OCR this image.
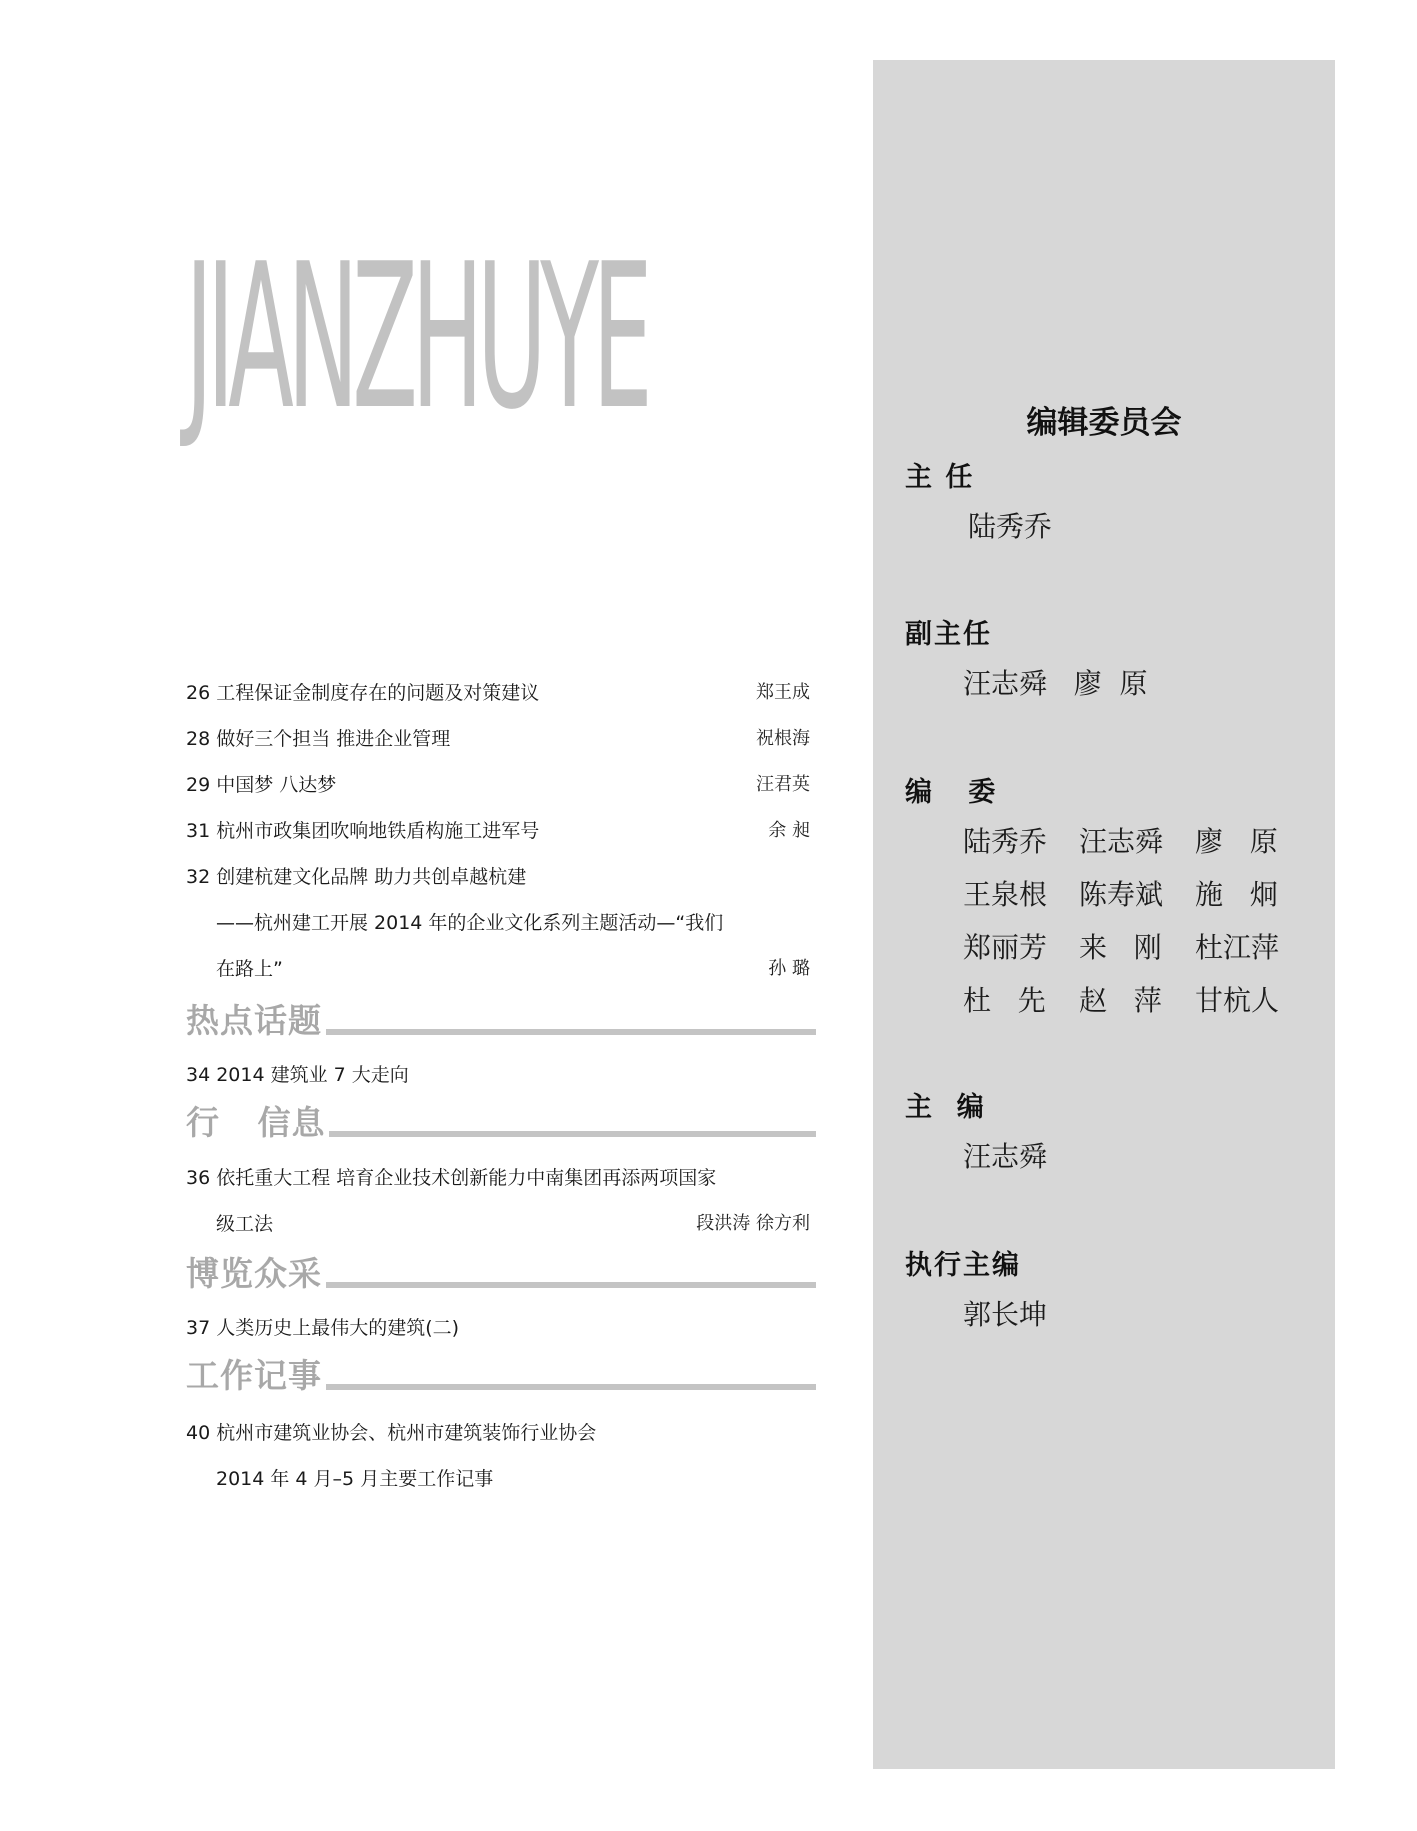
JIANZHUYE
26 工程保证金制度存在的问题及对策建议	郑王成
28 做好三个担当 推进企业管理	祝根海
29 中国梦 八达梦	汪君英
31 杭州市政集团吹响地铁盾构施工进军号	余 昶
32 创建杭建文化品牌 助力共创卓越杭建
——杭州建工开展 2014 年的企业文化系列主题活动—“我们
在路上”	孙 璐
热点话题
34 2014 建筑业 7 大走向
行   信息
36 依托重大工程 培育企业技术创新能力中南集团再添两项国家
级工法	段洪涛 徐方利
博览众采
37 人类历史上最伟大的建筑(二)
工作记事
40 杭州市建筑业协会、杭州市建筑装饰行业协会
2014 年 4 月–5 月主要工作记事
编辑委员会
主 任
陆秀乔
副主任
汪志舜   廖  原
编   委
陆秀乔 汪志舜 廖   原
王泉根 陈寿斌 施   炯
郑丽芳 来   刚 杜江萍
杜   先 赵   萍 甘杭人
主  编
汪志舜
执行主编
郭长坤
